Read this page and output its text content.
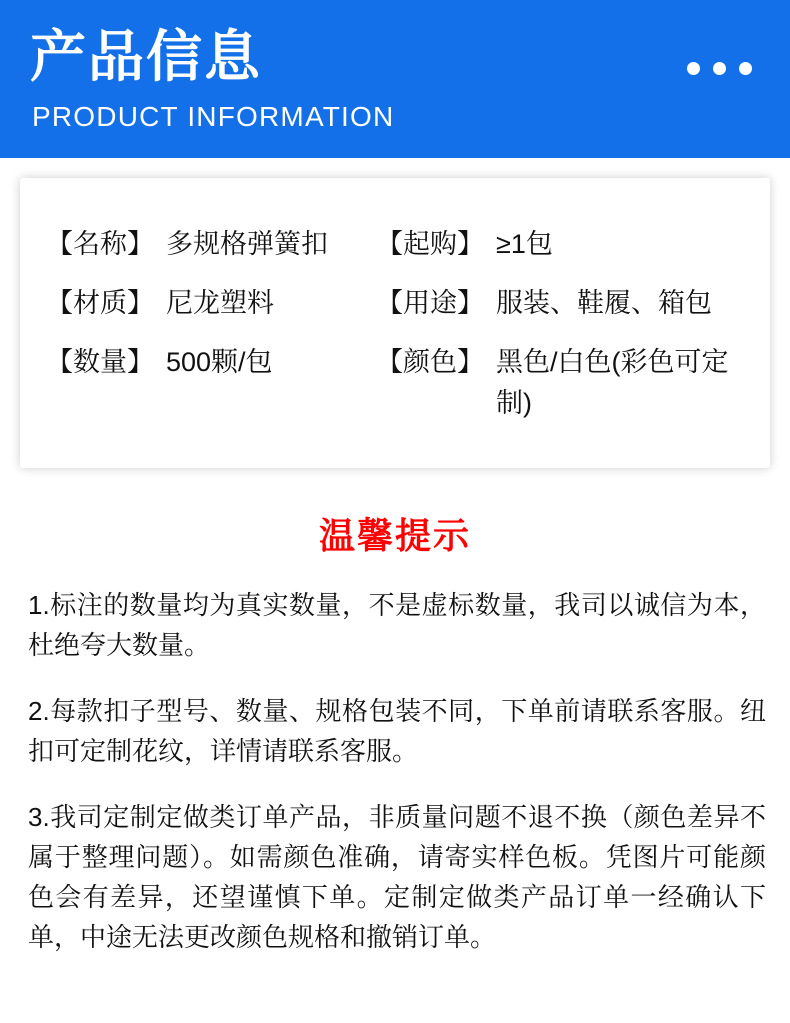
产品信息
PRODUCT INFORMATION
【名称】 多规格弹簧扣 【起购】 ≥1包
【材质】 尼龙塑料	【用途】 服装、鞋履、箱包
【数量】 500颗/包	【颜色】 黑色/白色(彩色可定制)
温馨提示

1.标注的数量均为真实数量，不是虚标数量，我司以诚信为本，杜绝夸大数量。

2.每款扣子型号、数量、规格包装不同，下单前请联系客服。纽扣可定制花纹，详情请联系客服。

3.我司定制定做类订单产品，非质量问题不退不换（颜色差异不属于整理问题）。如需颜色准确，请寄实样色板。凭图片可能颜色会有差异，还望谨慎下单。定制定做类产品订单一经确认下单，中途无法更改颜色规格和撤销订单。
